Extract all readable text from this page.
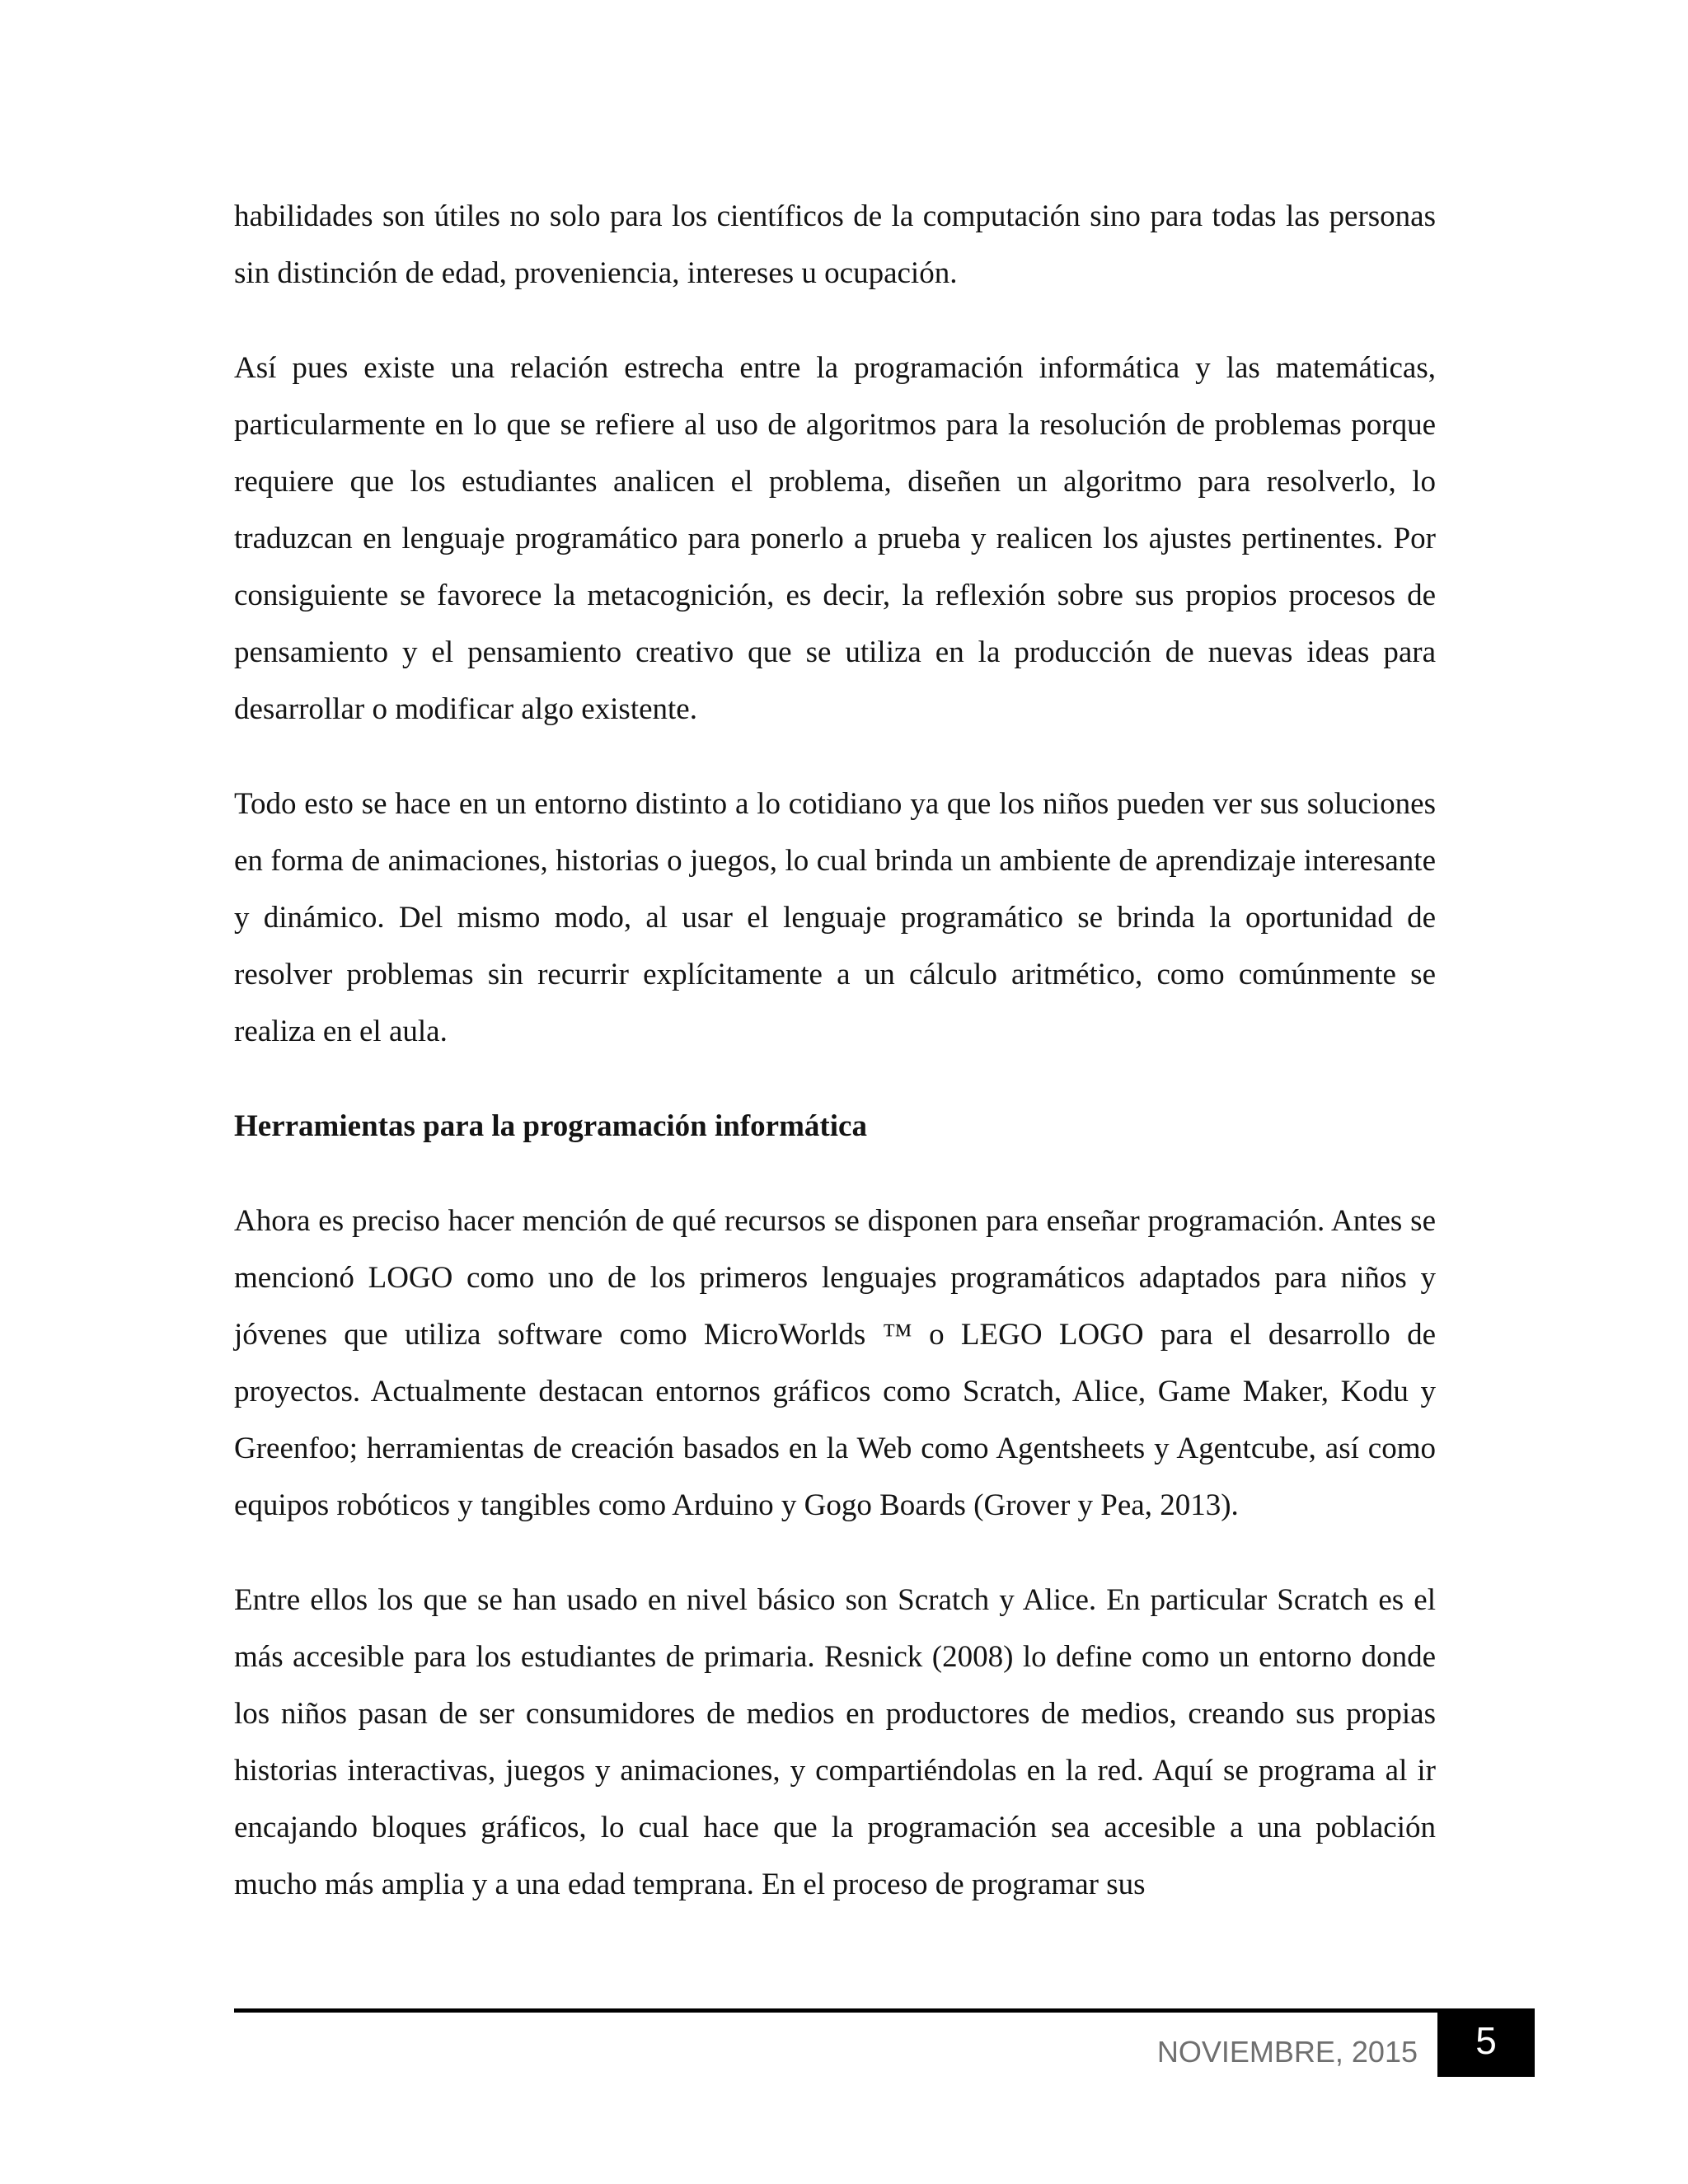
habilidades son útiles no solo para los científicos de la computación sino para todas las personas sin distinción de edad, proveniencia, intereses u ocupación.

Así pues existe una relación estrecha entre la programación informática y las matemáticas, particularmente en lo que se refiere al uso de algoritmos para la resolución de problemas porque requiere que los estudiantes analicen el problema, diseñen un algoritmo para resolverlo, lo traduzcan en lenguaje programático para ponerlo a prueba y realicen los ajustes pertinentes. Por consiguiente se favorece la metacognición, es decir, la reflexión sobre sus propios procesos de pensamiento y el pensamiento creativo que se utiliza en la producción de nuevas ideas para desarrollar o modificar algo existente.

Todo esto se hace en un entorno distinto a lo cotidiano ya que los niños pueden ver sus soluciones en forma de animaciones, historias o juegos, lo cual brinda un ambiente de aprendizaje interesante y dinámico. Del mismo modo, al usar el lenguaje programático se brinda la oportunidad de resolver problemas sin recurrir explícitamente a un cálculo aritmético, como comúnmente se realiza en el aula.

Herramientas para la programación informática

Ahora es preciso hacer mención de qué recursos se disponen para enseñar programación. Antes se mencionó LOGO como uno de los primeros lenguajes programáticos adaptados para niños y jóvenes que utiliza software como MicroWorlds ™ o LEGO LOGO para el desarrollo de proyectos. Actualmente destacan entornos gráficos como Scratch, Alice, Game Maker, Kodu y Greenfoo; herramientas de creación basados en la Web como Agentsheets y Agentcube, así como equipos robóticos y tangibles como Arduino y Gogo Boards (Grover y Pea, 2013).

Entre ellos los que se han usado en nivel básico son Scratch y Alice. En particular Scratch es el más accesible para los estudiantes de primaria. Resnick (2008) lo define como un entorno donde los niños pasan de ser consumidores de medios en productores de medios, creando sus propias historias interactivas, juegos y animaciones, y compartiéndolas en la red. Aquí se programa al ir encajando bloques gráficos, lo cual hace que la programación sea accesible a una población mucho más amplia y a una edad temprana. En el proceso de programar sus

NOVIEMBRE, 2015	5
